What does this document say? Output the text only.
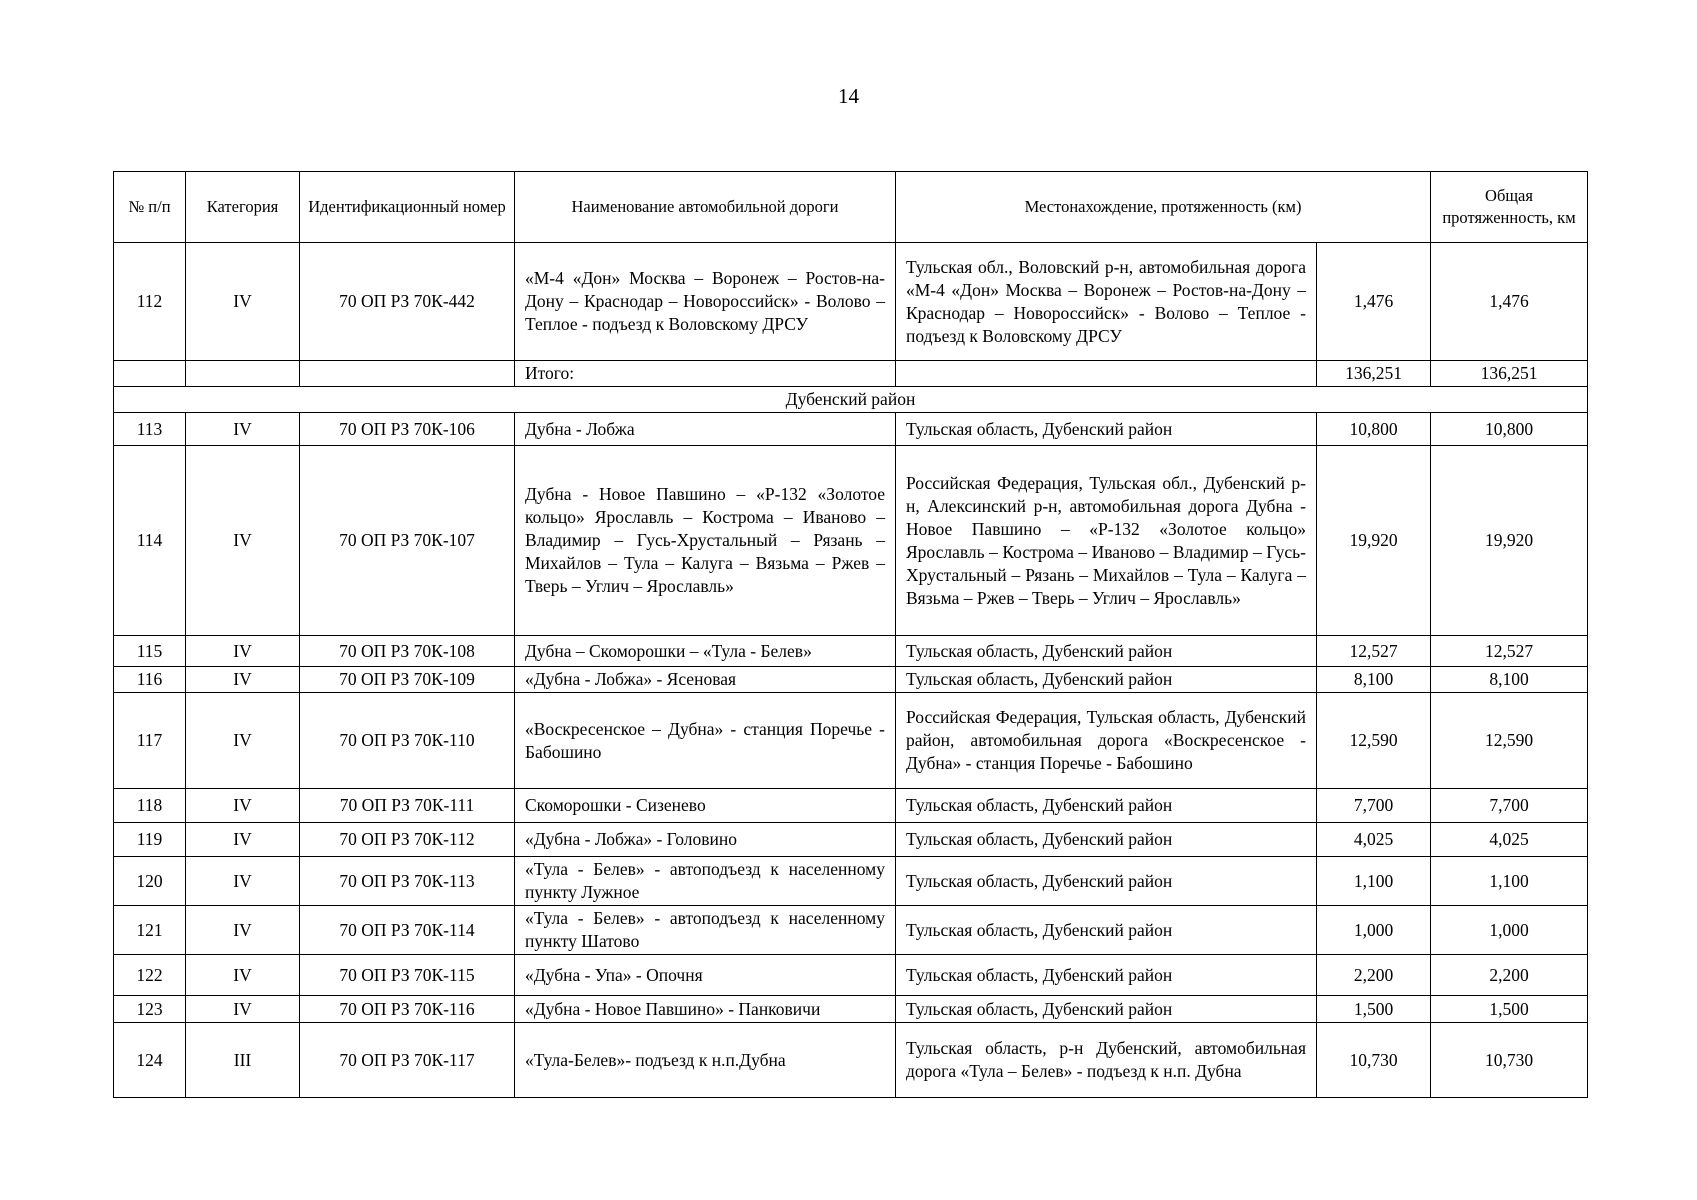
14
№ п/п	Категория	Идентификационный номер	Наименование автомобильной дороги	Местонахождение, протяженность (км)		Общая протяженность, км
112	IV	70 ОП РЗ 70К-442	«М-4 «Дон» Москва – Воронеж – Ростов-на-Дону – Краснодар – Новороссийск» - Волово – Теплое - подъезд к Воловскому ДРСУ	Тульская обл., Воловский р-н, автомобильная дорога «М-4 «Дон» Москва – Воронеж – Ростов-на-Дону – Краснодар – Новороссийск» - Волово – Теплое - подъезд к Воловскому ДРСУ	1,476	1,476
			Итого:		136,251	136,251
Дубенский район						
113	IV	70 ОП РЗ 70К-106	Дубна - Лобжа	Тульская область, Дубенский район	10,800	10,800
114	IV	70 ОП РЗ 70К-107	Дубна - Новое Павшино – «Р-132 «Золотое кольцо» Ярославль – Кострома – Иваново – Владимир – Гусь-Хрустальный – Рязань – Михайлов – Тула – Калуга – Вязьма – Ржев – Тверь – Углич – Ярославль»	Российская Федерация, Тульская обл., Дубенский р-н, Алексинский р-н, автомобильная дорога Дубна - Новое Павшино – «Р-132 «Золотое кольцо» Ярославль – Кострома – Иваново – Владимир – Гусь-Хрустальный – Рязань – Михайлов – Тула – Калуга – Вязьма – Ржев – Тверь – Углич – Ярославль»	19,920	19,920
115	IV	70 ОП РЗ 70К-108	Дубна – Скоморошки – «Тула - Белев»	Тульская область, Дубенский район	12,527	12,527
116	IV	70 ОП РЗ 70К-109	«Дубна - Лобжа» - Ясеновая	Тульская область, Дубенский район	8,100	8,100
117	IV	70 ОП РЗ 70К-110	«Воскресенское – Дубна» - станция Поречье - Бабошино	Российская Федерация, Тульская область, Дубенский район, автомобильная дорога «Воскресенское - Дубна» - станция Поречье - Бабошино	12,590	12,590
118	IV	70 ОП РЗ 70К-111	Скоморошки - Сизенево	Тульская область, Дубенский район	7,700	7,700
119	IV	70 ОП РЗ 70К-112	«Дубна - Лобжа» - Головино	Тульская область, Дубенский район	4,025	4,025
120	IV	70 ОП РЗ 70К-113	«Тула - Белев» - автоподъезд к населенному пункту Лужное	Тульская область, Дубенский район	1,100	1,100
121	IV	70 ОП РЗ 70К-114	«Тула - Белев» - автоподъезд к населенному пункту Шатово	Тульская область, Дубенский район	1,000	1,000
122	IV	70 ОП РЗ 70К-115	«Дубна - Упа» - Опочня	Тульская область, Дубенский район	2,200	2,200
123	IV	70 ОП РЗ 70К-116	«Дубна - Новое Павшино» - Панковичи	Тульская область, Дубенский район	1,500	1,500
124	III	70 ОП РЗ 70К-117	«Тула-Белев»- подъезд к н.п.Дубна	Тульская область, р-н Дубенский, автомобильная дорога «Тула – Белев» - подъезд к н.п. Дубна	10,730	10,730
